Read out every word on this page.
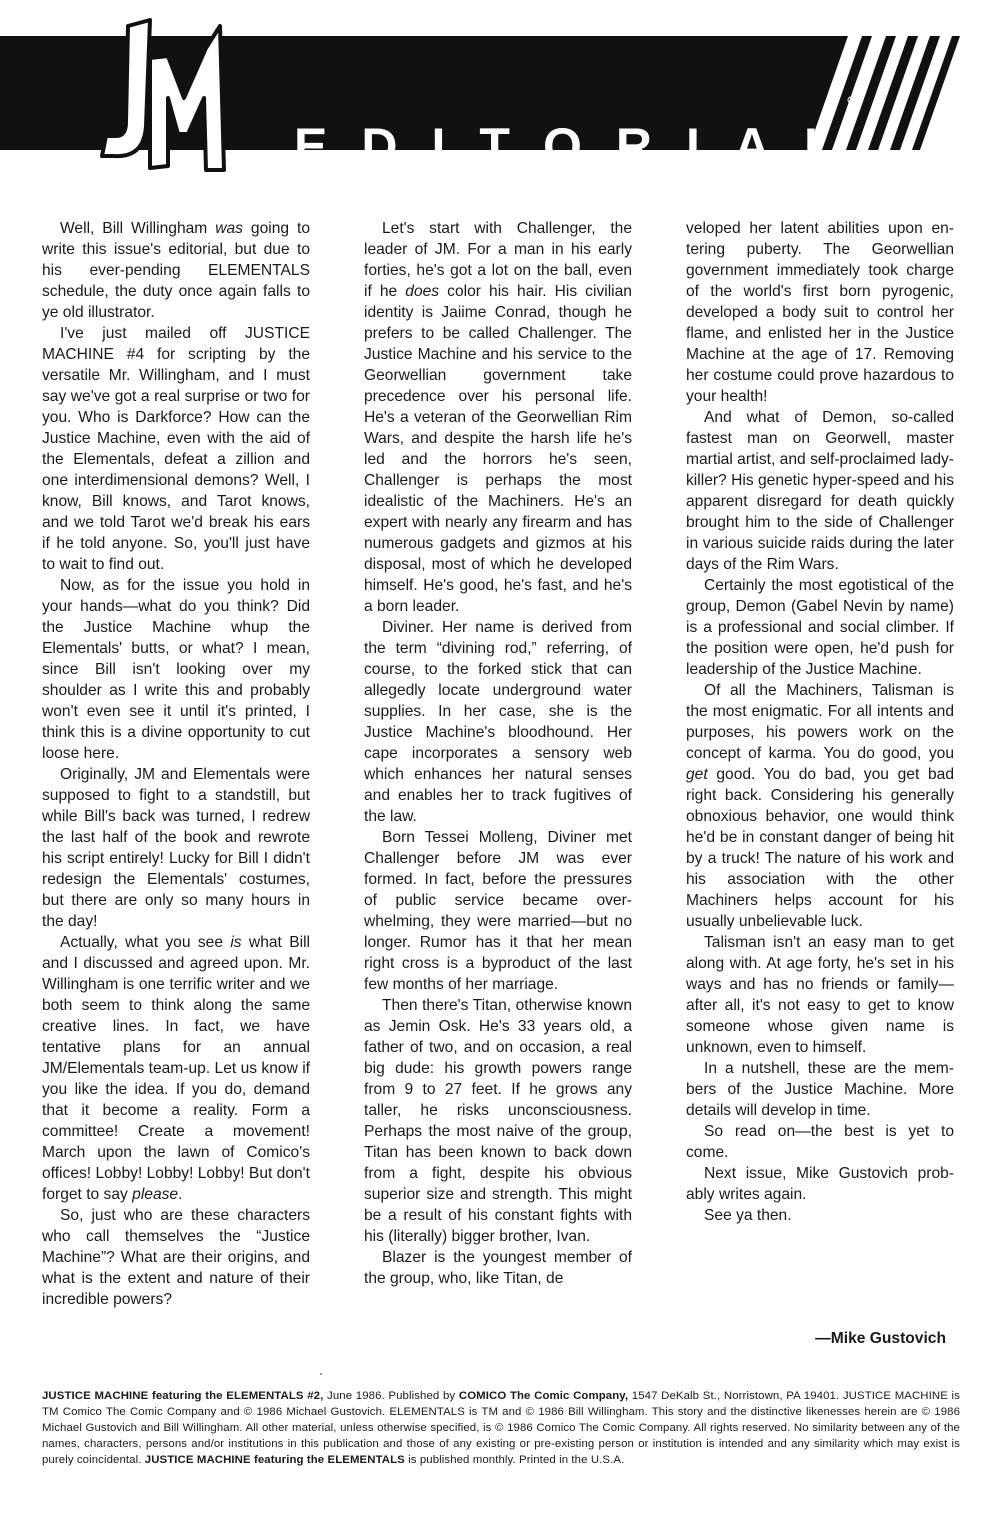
EDITORIAL

Well, Bill Willingham was going to write this issue's editorial, but due to his ever-pending ELEMENTALS schedule, the duty once again falls to ye old illustrator.

I've just mailed off JUSTICE MACHINE #4 for scripting by the versatile Mr. Willingham, and I must say we've got a real surprise or two for you. Who is Darkforce? How can the Justice Machine, even with the aid of the Elementals, defeat a zillion and one interdimensional demons? Well, I know, Bill knows, and Tarot knows, and we told Tarot we'd break his ears if he told anyone. So, you'll just have to wait to find out.

Now, as for the issue you hold in your hands—what do you think? Did the Justice Machine whup the Elementals' butts, or what? I mean, since Bill isn't looking over my shoulder as I write this and probably won't even see it until it's printed, I think this is a divine opportunity to cut loose here.

Originally, JM and Elementals were supposed to fight to a standstill, but while Bill's back was turned, I redrew the last half of the book and rewrote his script entirely! Lucky for Bill I didn't redesign the Elementals' costumes, but there are only so many hours in the day!

Actually, what you see is what Bill and I discussed and agreed upon. Mr. Willingham is one terrific writer and we both seem to think along the same creative lines. In fact, we have tentative plans for an annual JM/Elementals team-up. Let us know if you like the idea. If you do, demand that it become a reality. Form a committee! Create a movement! March upon the lawn of Comico's offices! Lobby! Lobby! Lobby! But don't forget to say please.

So, just who are these characters who call themselves the “Justice Machine”? What are their origins, and what is the extent and nature of their incredible powers?

Let's start with Challenger, the leader of JM. For a man in his early forties, he's got a lot on the ball, even if he does color his hair. His civilian identity is Jaiime Conrad, though he prefers to be called Challenger. The Justice Machine and his service to the Georwellian government take precedence over his personal life. He's a veteran of the Georwellian Rim Wars, and despite the harsh life he's led and the horrors he's seen, Challenger is perhaps the most idealistic of the Machiners. He's an expert with nearly any firearm and has numerous gadgets and gizmos at his disposal, most of which he developed himself. He's good, he's fast, and he's a born leader.

Diviner. Her name is derived from the term “divining rod,” referring, of course, to the forked stick that can allegedly locate underground water supplies. In her case, she is the Justice Machine's bloodhound. Her cape incorporates a sensory web which enhances her natural senses and enables her to track fugitives of the law.

Born Tessei Molleng, Diviner met Challenger before JM was ever formed. In fact, before the pressures of public service became overwhelming, they were married—but no longer. Rumor has it that her mean right cross is a byproduct of the last few months of her marriage.

Then there's Titan, otherwise known as Jemin Osk. He's 33 years old, a father of two, and on occasion, a real big dude: his growth powers range from 9 to 27 feet. If he grows any taller, he risks unconsciousness. Perhaps the most naive of the group, Titan has been known to back down from a fight, despite his obvious superior size and strength. This might be a result of his constant fights with his (literally) bigger brother, Ivan.

Blazer is the youngest member of the group, who, like Titan, de

veloped her latent abilities upon entering puberty. The Georwellian government immediately took charge of the world's first born pyrogenic, developed a body suit to control her flame, and enlisted her in the Justice Machine at the age of 17. Removing her costume could prove hazardous to your health!

And what of Demon, so-called fastest man on Georwell, master martial artist, and self-proclaimed lady-killer? His genetic hyper-speed and his apparent disregard for death quickly brought him to the side of Challenger in various suicide raids during the later days of the Rim Wars.

Certainly the most egotistical of the group, Demon (Gabel Nevin by name) is a professional and social climber. If the position were open, he'd push for leadership of the Justice Machine.

Of all the Machiners, Talisman is the most enigmatic. For all intents and purposes, his powers work on the concept of karma. You do good, you get good. You do bad, you get bad right back. Considering his generally obnoxious behavior, one would think he'd be in constant danger of being hit by a truck! The nature of his work and his association with the other Machiners helps account for his usually unbelievable luck.

Talisman isn't an easy man to get along with. At age forty, he's set in his ways and has no friends or family—after all, it's not easy to get to know someone whose given name is unknown, even to himself.

In a nutshell, these are the members of the Justice Machine. More details will develop in time.

So read on—the best is yet to come.

Next issue, Mike Gustovich probably writes again.

See ya then.

—Mike Gustovich
JUSTICE MACHINE featuring the ELEMENTALS #2, June 1986. Published by COMICO The Comic Company, 1547 DeKalb St., Norristown, PA 19401. JUSTICE MACHINE is TM Comico The Comic Company and © 1986 Michael Gustovich. ELEMENTALS is TM and © 1986 Bill Willingham. This story and the distinctive likenesses herein are © 1986 Michael Gustovich and Bill Willingham. All other material, unless otherwise specified, is © 1986 Comico The Comic Company. All rights reserved. No similarity between any of the names, characters, persons and/or institutions in this publication and those of any existing or pre-existing person or institution is intended and any similarity which may exist is purely coincidental. JUSTICE MACHINE featuring the ELEMENTALS is published monthly. Printed in the U.S.A.
